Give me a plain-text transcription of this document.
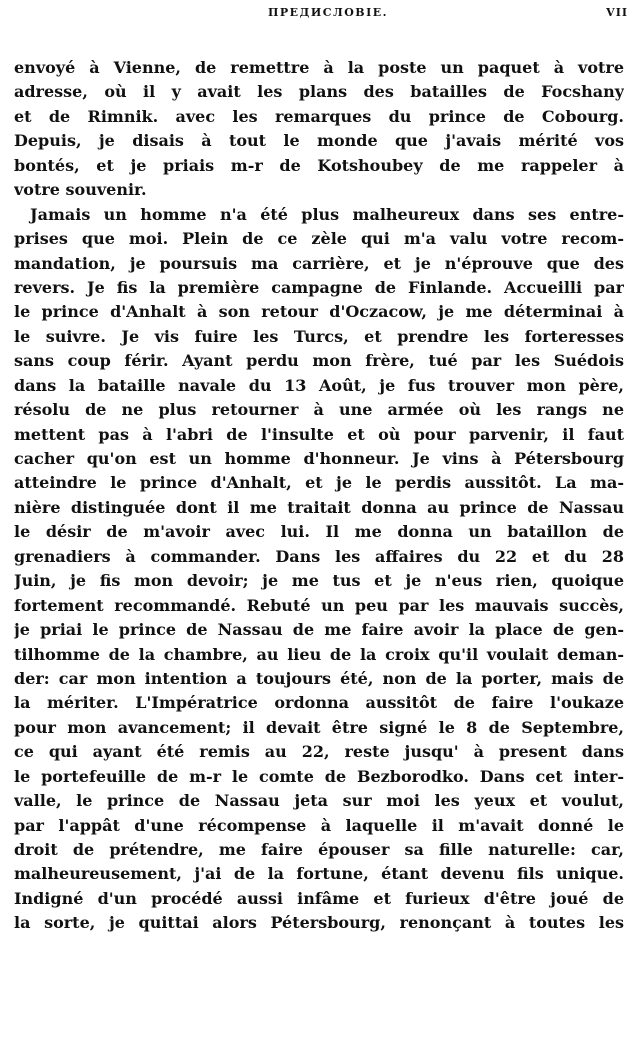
ПРЕДИСЛОВІЕ.	VII
envoyé à Vienne, de remettre à la poste un paquet à votre
adresse, où il y avait les plans des batailles de Focshany
et de Rimnik. avec les remarques du prince de Cobourg.
Depuis, je disais à tout le monde que j'avais mérité vos
bontés, et je priais m-r de Kotshoubey de me rappeler à
votre souvenir.
Jamais un homme n'a été plus malheureux dans ses entre-
prises que moi. Plein de ce zèle qui m'a valu votre recom-
mandation, je poursuis ma carrière, et je n'éprouve que des
revers. Je fis la première campagne de Finlande. Accueilli par
le prince d'Anhalt à son retour d'Oczacow, je me déterminai à
le suivre. Je vis fuire les Turcs, et prendre les forteresses
sans coup férir. Ayant perdu mon frère, tué par les Suédois
dans la bataille navale du 13 Août, je fus trouver mon père,
résolu de ne plus retourner à une armée où les rangs ne
mettent pas à l'abri de l'insulte et où pour parvenir, il faut
cacher qu'on est un homme d'honneur. Je vins à Pétersbourg
atteindre le prince d'Anhalt, et je le perdis aussitôt. La ma-
nière distinguée dont il me traitait donna au prince de Nassau
le désir de m'avoir avec lui. Il me donna un bataillon de
grenadiers à commander. Dans les affaires du 22 et du 28
Juin, je fis mon devoir; je me tus et je n'eus rien, quoique
fortement recommandé. Rebuté un peu par les mauvais succès,
je priai le prince de Nassau de me faire avoir la place de gen-
tilhomme de la chambre, au lieu de la croix qu'il voulait deman-
der: car mon intention a toujours été, non de la porter, mais de
la mériter. L'Impératrice ordonna aussitôt de faire l'oukaze
pour mon avancement; il devait être signé le 8 de Septembre,
ce qui ayant été remis au 22, reste jusqu' à present dans
le portefeuille de m-r le comte de Bezborodko. Dans cet inter-
valle, le prince de Nassau jeta sur moi les yeux et voulut,
par l'appât d'une récompense à laquelle il m'avait donné le
droit de prétendre, me faire épouser sa fille naturelle: car,
malheureusement, j'ai de la fortune, étant devenu fils unique.
Indigné d'un procédé aussi infâme et furieux d'être joué de
la sorte, je quittai alors Pétersbourg, renonçant à toutes les
